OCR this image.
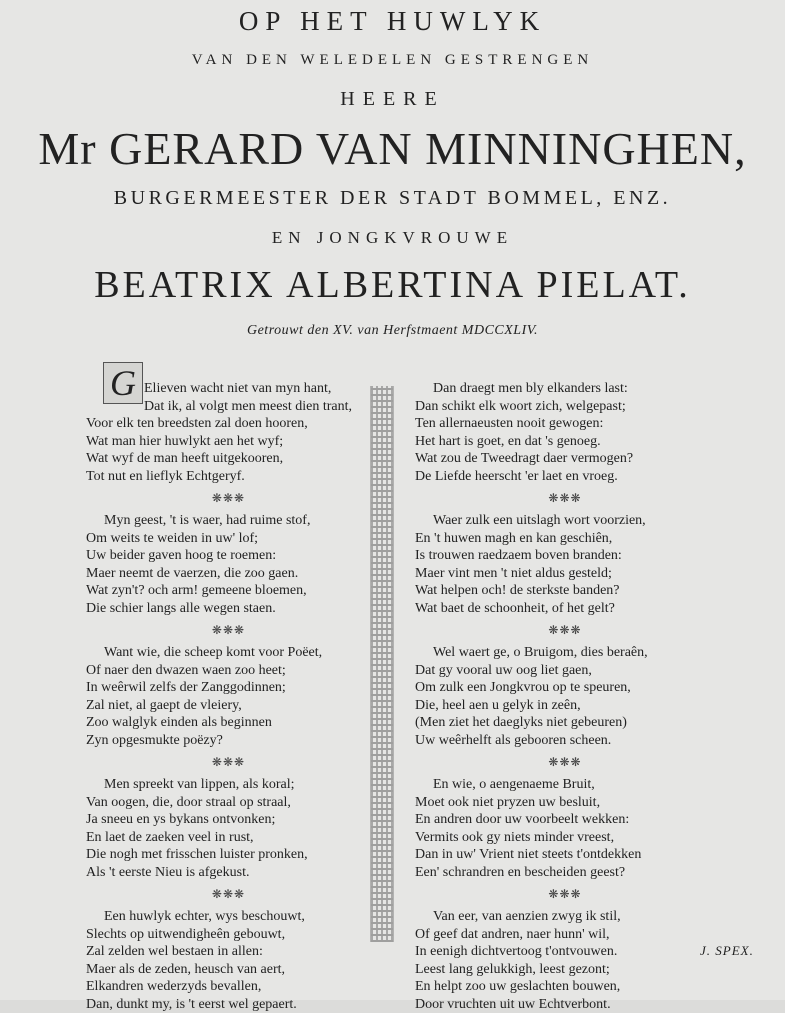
OP HET HUWLYK
VAN DEN WELEDELEN GESTRENGEN
HEERE
Mr GERARD VAN MINNINGHEN,
BURGERMEESTER DER STADT BOMMEL, ENZ.
EN JONGKVROUWE
BEATRIX ALBERTINA PIELAT.
Getrouwt den XV. van Herfstmaent MDCCXLIV.
G Elieven wacht niet van myn hant,
Dat ik, al volgt men meest dien trant,
Voor elk ten breedsten zal doen hooren,
Wat man hier huwlykt aen het wyf;
Wat wyf de man heeft uitgekooren,
Tot nut en lieflyk Echtgeryf.
❋❋❋
Myn geest, 't is waer, had ruime stof,
Om weits te weiden in uw' lof;
Uw beider gaven hoog te roemen:
Maer neemt de vaerzen, die zoo gaen.
Wat zyn't? och arm! gemeene bloemen,
Die schier langs alle wegen staen.
❋❋❋
Want wie, die scheep komt voor Poëet,
Of naer den dwazen waen zoo heet;
In weêrwil zelfs der Zanggodinnen;
Zal niet, al gaept de vleiery,
Zoo walglyk einden als beginnen
Zyn opgesmukte poëzy?
❋❋❋
Men spreekt van lippen, als koral;
Van oogen, die, door straal op straal,
Ja sneeu en ys bykans ontvonken;
En laet de zaeken veel in rust,
Die nogh met frisschen luister pronken,
Als 't eerste Nieu is afgekust.
❋❋❋
Een huwlyk echter, wys beschouwt,
Slechts op uitwendigheên gebouwt,
Zal zelden wel bestaen in allen:
Maer als de zeden, heusch van aert,
Elkandren wederzyds bevallen,
Dan, dunkt my, is 't eerst wel gepaert.
Dan draegt men bly elkanders last:
Dan schikt elk woort zich, welgepast;
Ten allernaeusten nooit gewogen:
Het hart is goet, en dat 's genoeg.
Wat zou de Tweedragt daer vermogen?
De Liefde heerscht 'er laet en vroeg.
❋❋❋
Waer zulk een uitslagh wort voorzien,
En 't huwen magh en kan geschiên,
Is trouwen raedzaem boven branden:
Maer vint men 't niet aldus gesteld;
Wat helpen och! de sterkste banden?
Wat baet de schoonheit, of het gelt?
❋❋❋
Wel waert ge, o Bruigom, dies beraên,
Dat gy vooral uw oog liet gaen,
Om zulk een Jongkvrou op te speuren,
Die, heel aen u gelyk in zeên,
(Men ziet het daeglyks niet gebeuren)
Uw weêrhelft als gebooren scheen.
❋❋❋
En wie, o aengenaeme Bruit,
Moet ook niet pryzen uw besluit,
En andren door uw voorbeelt wekken:
Vermits ook gy niets minder vreest,
Dan in uw' Vrient niet steets t'ontdekken
Een' schrandren en bescheiden geest?
❋❋❋
Van eer, van aenzien zwyg ik stil,
Of geef dat andren, naer hunn' wil,
In eenigh dichtvertoog t'ontvouwen.
Leest lang gelukkigh, leest gezont;
En helpt zoo uw geslachten bouwen,
Door vruchten uit uw Echtverbont.
J. SPEX.
